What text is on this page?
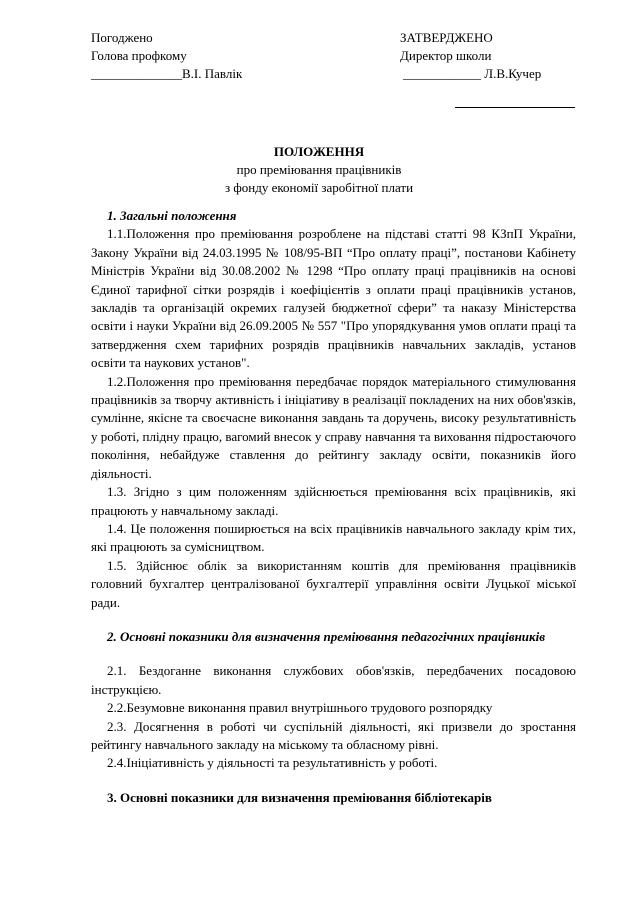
Погоджено
Голова профкому
______________В.І. Павлік
ЗАТВЕРДЖЕНО
Директор школи
____________ Л.В.Кучер
ПОЛОЖЕННЯ
про преміювання працівників
з фонду економії заробітної плати

1. Загальні положення

1.1.Положення про преміювання розроблене на підставі статті 98 КЗпП України, Закону України від 24.03.1995 № 108/95-ВП “Про оплату праці”, постанови Кабінету Міністрів України від 30.08.2002 № 1298 “Про оплату праці працівників на основі Єдиної тарифної сітки розрядів і коефіцієнтів з оплати праці працівників установ, закладів та організацій окремих галузей бюджетної сфери” та наказу Міністерства освіти і науки України від 26.09.2005 № 557 "Про упорядкування умов оплати праці та затвердження схем тарифних розрядів працівників навчальних закладів, установ освіти та наукових установ".

1.2.Положення про преміювання передбачає порядок матеріального стимулювання працівників за творчу активність і ініціативу в реалізації покладених на них обов'язків, сумлінне, якісне та своєчасне виконання завдань та доручень, високу результативність у роботі, плідну працю, вагомий внесок у справу навчання та виховання підростаючого покоління, небайдуже ставлення до рейтингу закладу освіти, показників його діяльності.

1.3. Згідно з цим положенням здійснюється преміювання всіх працівників, які працюють у навчальному закладі.

1.4. Це положення поширюється на всіх працівників навчального закладу крім тих, які працюють за сумісництвом.

1.5. Здійснює облік за використанням коштів для преміювання працівників головний бухгалтер централізованої бухгалтерії управління освіти Луцької міської ради.

2. Основні показники для визначення преміювання педагогічних працівників

2.1. Бездоганне виконання службових обов'язків, передбачених посадовою інструкцією.

2.2.Безумовне виконання правил внутрішнього трудового розпорядку

2.3. Досягнення в роботі чи суспільній діяльності, які призвели до зростання рейтингу навчального закладу на міському та обласному рівні.

2.4.Ініціативність у діяльності та результативність у роботі.

3. Основні показники для визначення преміювання бібліотекарів
